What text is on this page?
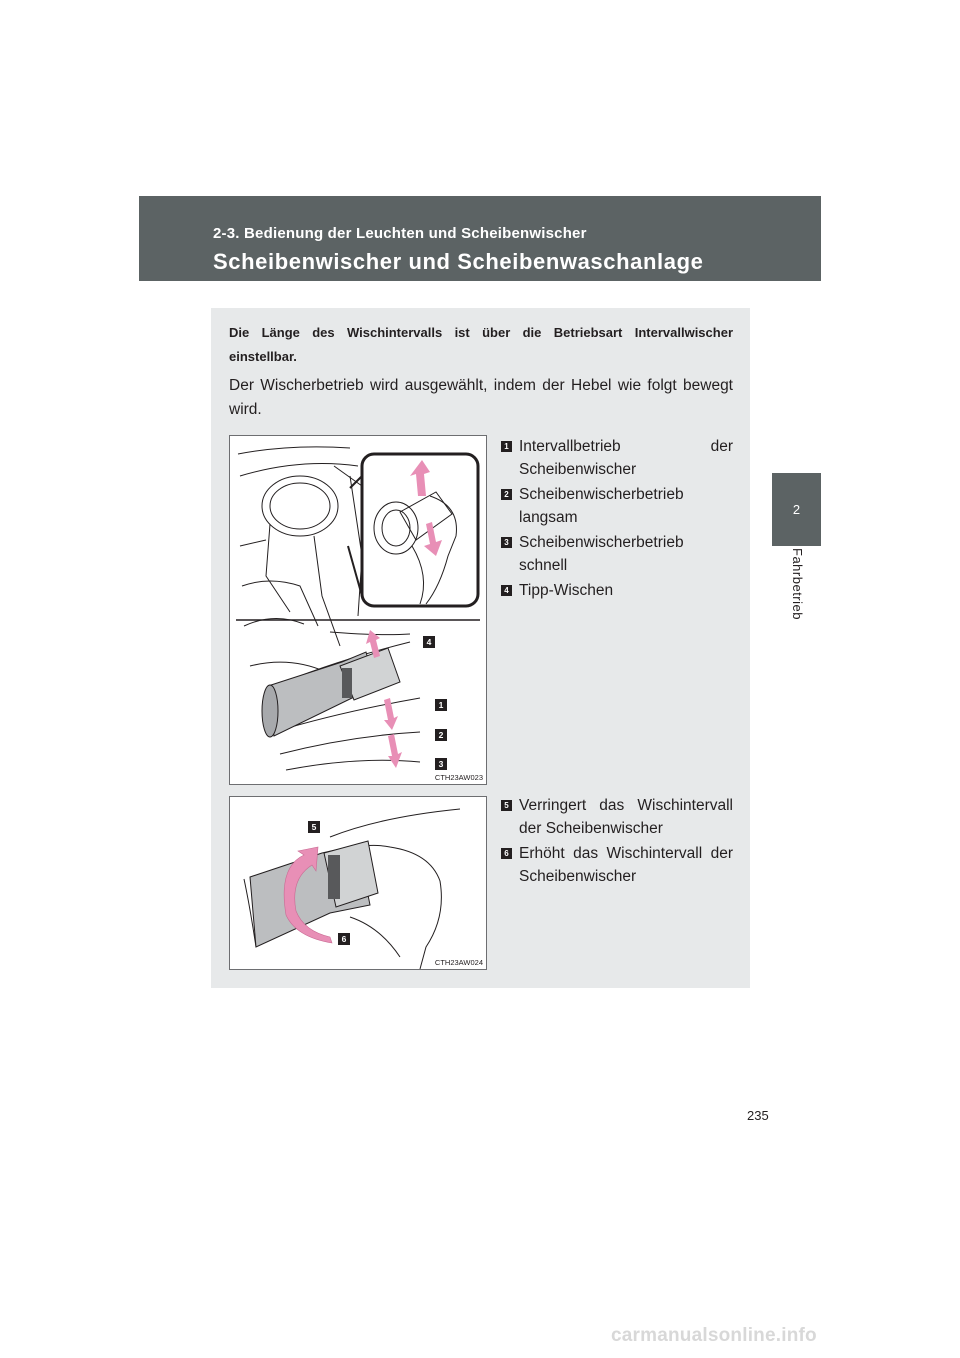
2-3. Bedienung der Leuchten und Scheibenwischer
Scheibenwischer und Scheibenwaschanlage
2
Fahrbetrieb
Die Länge des Wischintervalls ist über die Betriebsart Intervallwischer einstellbar.
Der Wischerbetrieb wird ausgewählt, indem der Hebel wie folgt bewegt wird.
4
1
2
3
CTH23AW023
1 Intervallbetrieb der Scheibenwischer
2 Scheibenwischerbetrieb langsam
3 Scheibenwischerbetrieb schnell
4 Tipp-Wischen
5
6
CTH23AW024
5 Verringert das Wischintervall der Scheibenwischer
6 Erhöht das Wischintervall der Scheibenwischer
235
carmanualsonline.info
